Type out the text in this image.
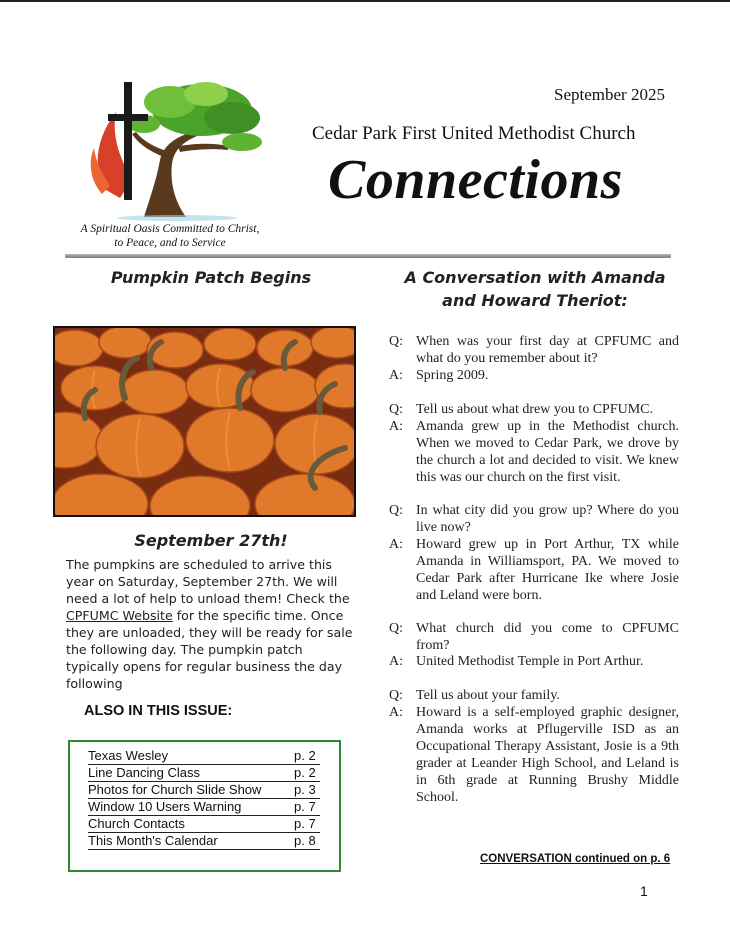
A Spiritual Oasis Committed to Christ,
to Peace, and to Service
September 2025
Cedar Park First United Methodist Church
Connections
Pumpkin Patch Begins
September 27th!
The pumpkins are scheduled to arrive this year on Saturday, September 27th. We will need a lot of help to unload them! Check the CPFUMC Website for the specific time. Once they are unloaded, they will be ready for sale the following day. The pumpkin patch typically opens for regular business the day following
ALSO IN THIS ISSUE:
Texas Wesley	p. 2
Line Dancing Class	p. 2
Photos for Church Slide Show	p. 3
Window 10 Users Warning	p. 7
Church Contacts	p. 7
This Month's Calendar	p. 8
A Conversation with Amanda and Howard Theriot:
Q: When was your first day at CPFUMC and what do you remember about it?
A: Spring 2009.
Q: Tell us about what drew you to CPFUMC.
A: Amanda grew up in the Methodist church. When we moved to Cedar Park, we drove by the church a lot and decided to visit. We knew this was our church on the first visit.
Q: In what city did you grow up? Where do you live now?
A: Howard grew up in Port Arthur, TX while Amanda in Williamsport, PA. We moved to Cedar Park after Hurricane Ike where Josie and Leland were born.
Q: What church did you come to CPFUMC from?
A: United Methodist Temple in Port Arthur.
Q: Tell us about your family.
A: Howard is a self-employed graphic designer, Amanda works at Pflugerville ISD as an Occupational Therapy Assistant, Josie is a 9th grader at Leander High School, and Leland is in 6th grade at Running Brushy Middle School.
CONVERSATION continued on p. 6
1
